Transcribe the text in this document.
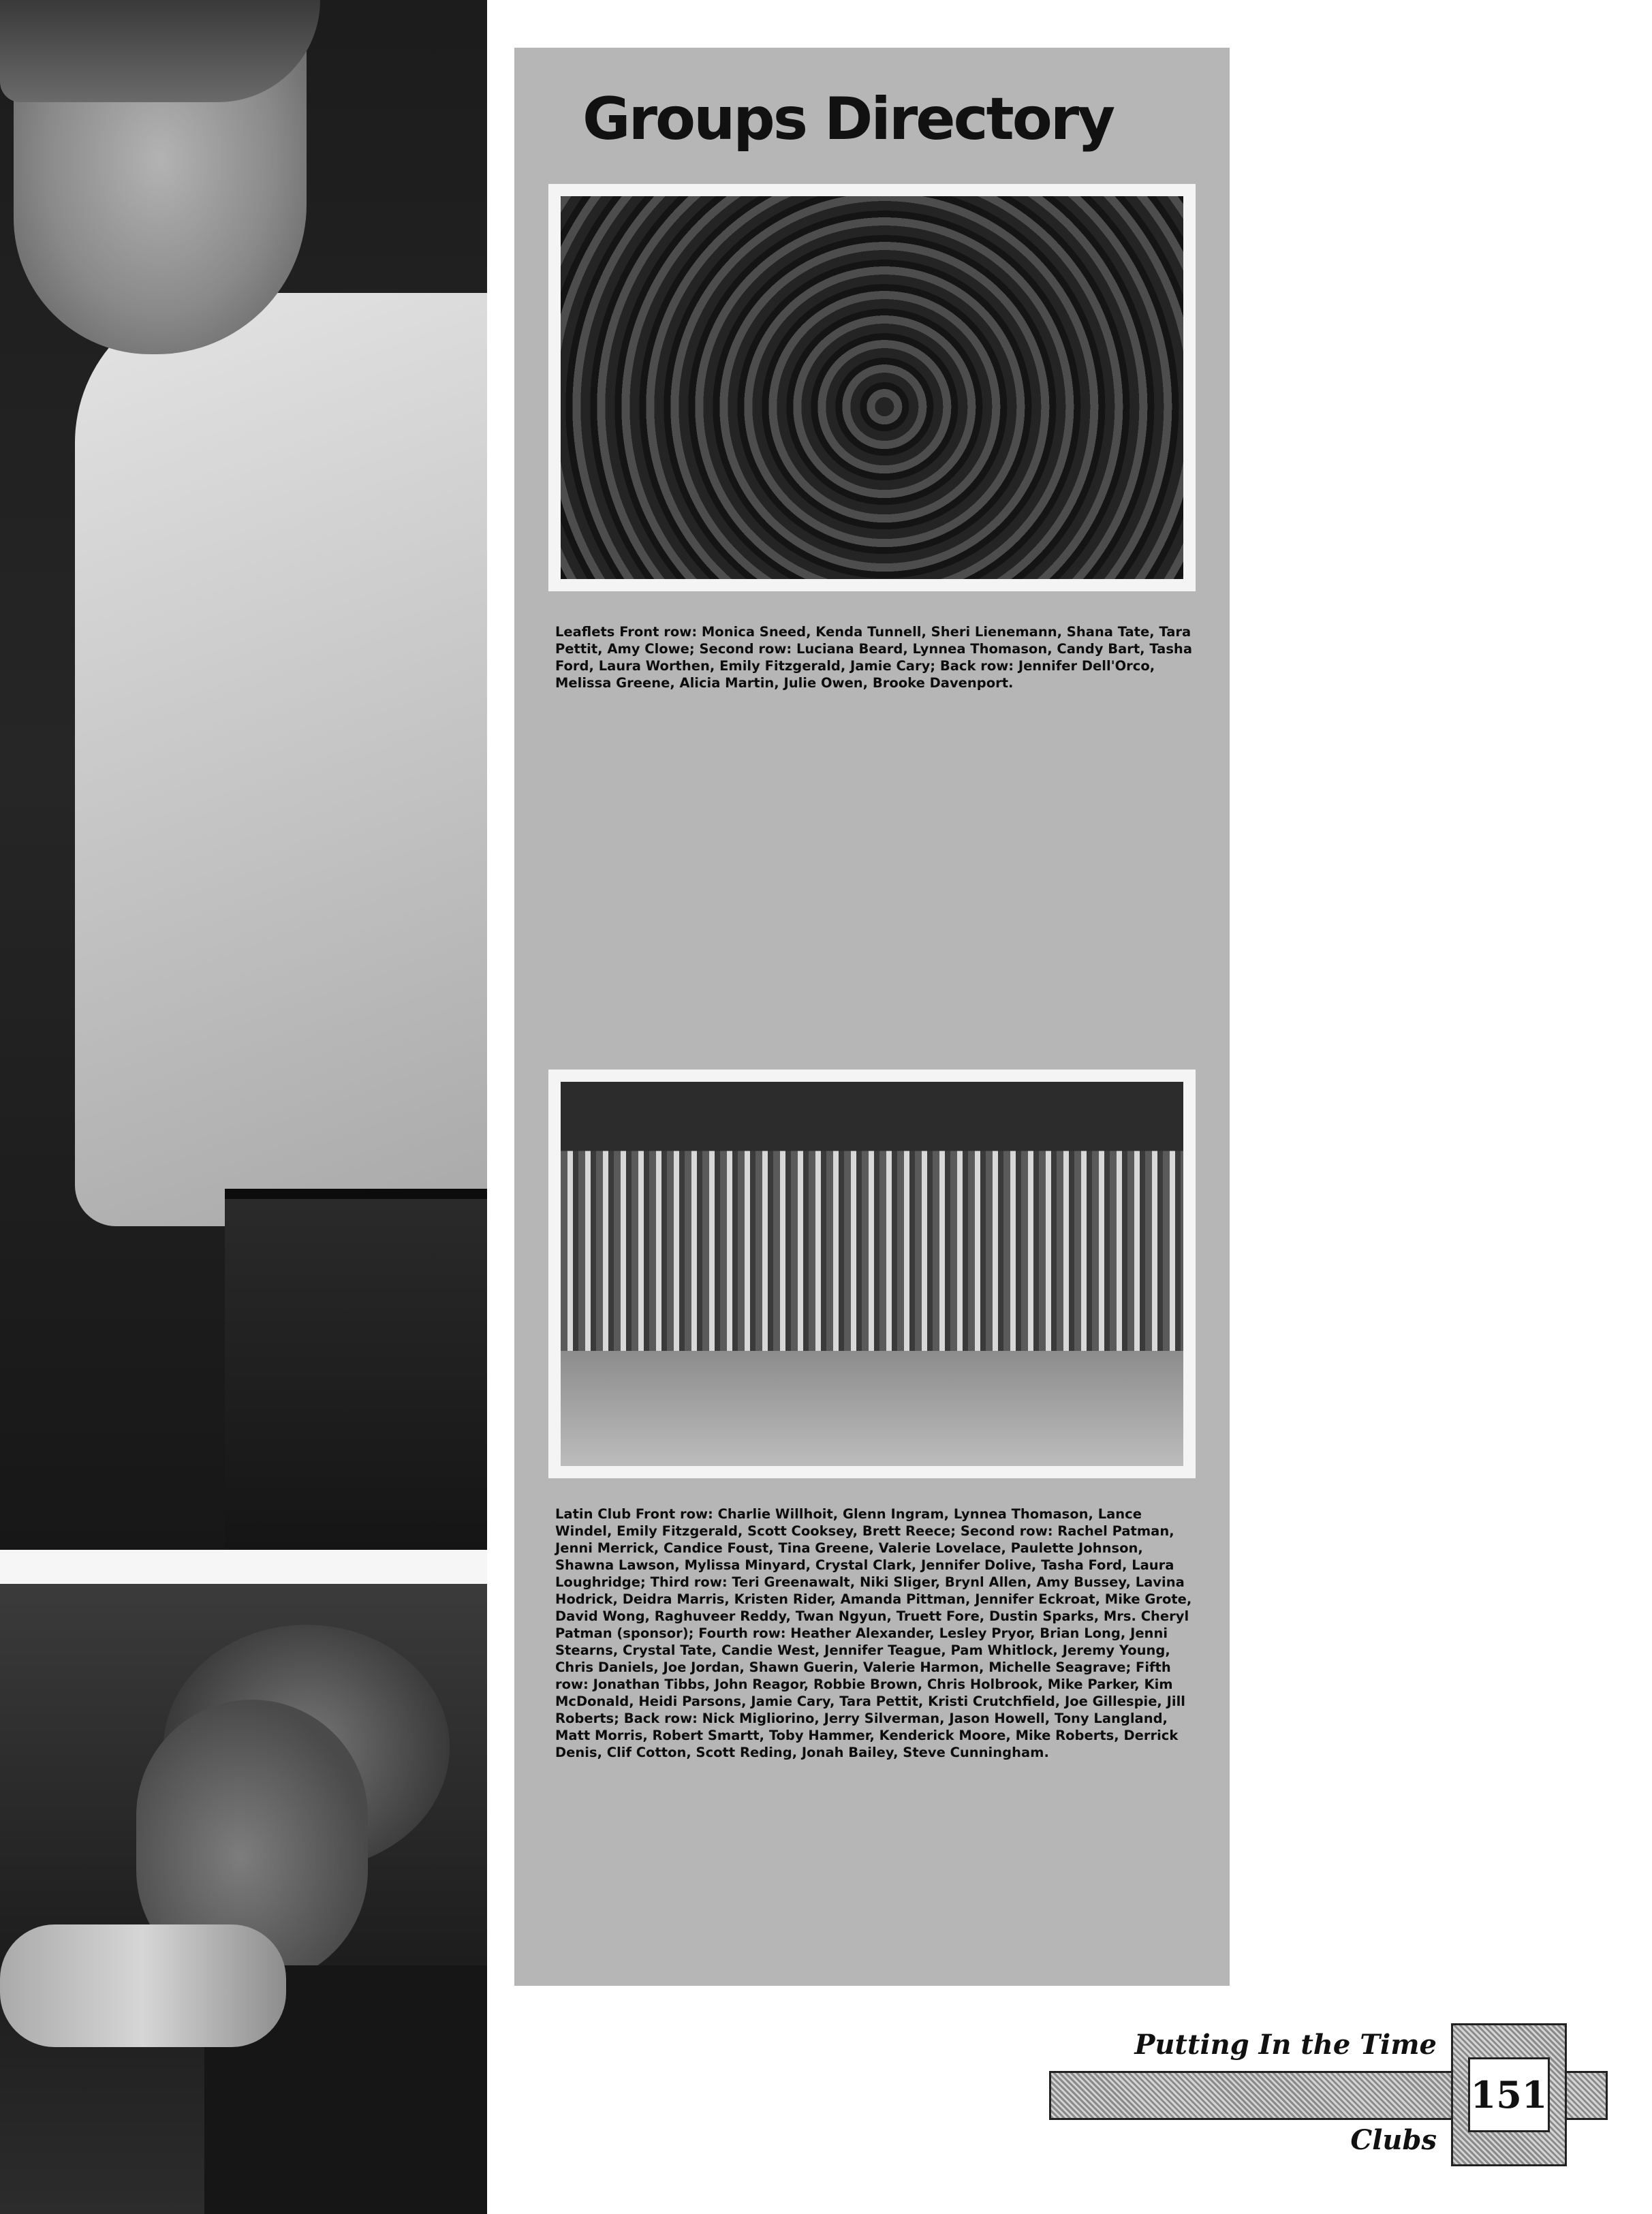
Groups Directory

Leaflets Front row: Monica Sneed, Kenda Tunnell, Sheri Lienemann, Shana Tate, Tara Pettit, Amy Clowe; Second row: Luciana Beard, Lynnea Thomason, Candy Bart, Tasha Ford, Laura Worthen, Emily Fitzgerald, Jamie Cary; Back row: Jennifer Dell'Orco, Melissa Greene, Alicia Martin, Julie Owen, Brooke Davenport.

Latin Club Front row: Charlie Willhoit, Glenn Ingram, Lynnea Thomason, Lance Windel, Emily Fitzgerald, Scott Cooksey, Brett Reece; Second row: Rachel Patman, Jenni Merrick, Candice Foust, Tina Greene, Valerie Lovelace, Paulette Johnson, Shawna Lawson, Mylissa Minyard, Crystal Clark, Jennifer Dolive, Tasha Ford, Laura Loughridge; Third row: Teri Greenawalt, Niki Sliger, Brynl Allen, Amy Bussey, Lavina Hodrick, Deidra Marris, Kristen Rider, Amanda Pittman, Jennifer Eckroat, Mike Grote, David Wong, Raghuveer Reddy, Twan Ngyun, Truett Fore, Dustin Sparks, Mrs. Cheryl Patman (sponsor); Fourth row: Heather Alexander, Lesley Pryor, Brian Long, Jenni Stearns, Crystal Tate, Candie West, Jennifer Teague, Pam Whitlock, Jeremy Young, Chris Daniels, Joe Jordan, Shawn Guerin, Valerie Harmon, Michelle Seagrave; Fifth row: Jonathan Tibbs, John Reagor, Robbie Brown, Chris Holbrook, Mike Parker, Kim McDonald, Heidi Parsons, Jamie Cary, Tara Pettit, Kristi Crutchfield, Joe Gillespie, Jill Roberts; Back row: Nick Migliorino, Jerry Silverman, Jason Howell, Tony Langland, Matt Morris, Robert Smartt, Toby Hammer, Kenderick Moore, Mike Roberts, Derrick Denis, Clif Cotton, Scott Reding, Jonah Bailey, Steve Cunningham.

Putting In the Time
151
Clubs
